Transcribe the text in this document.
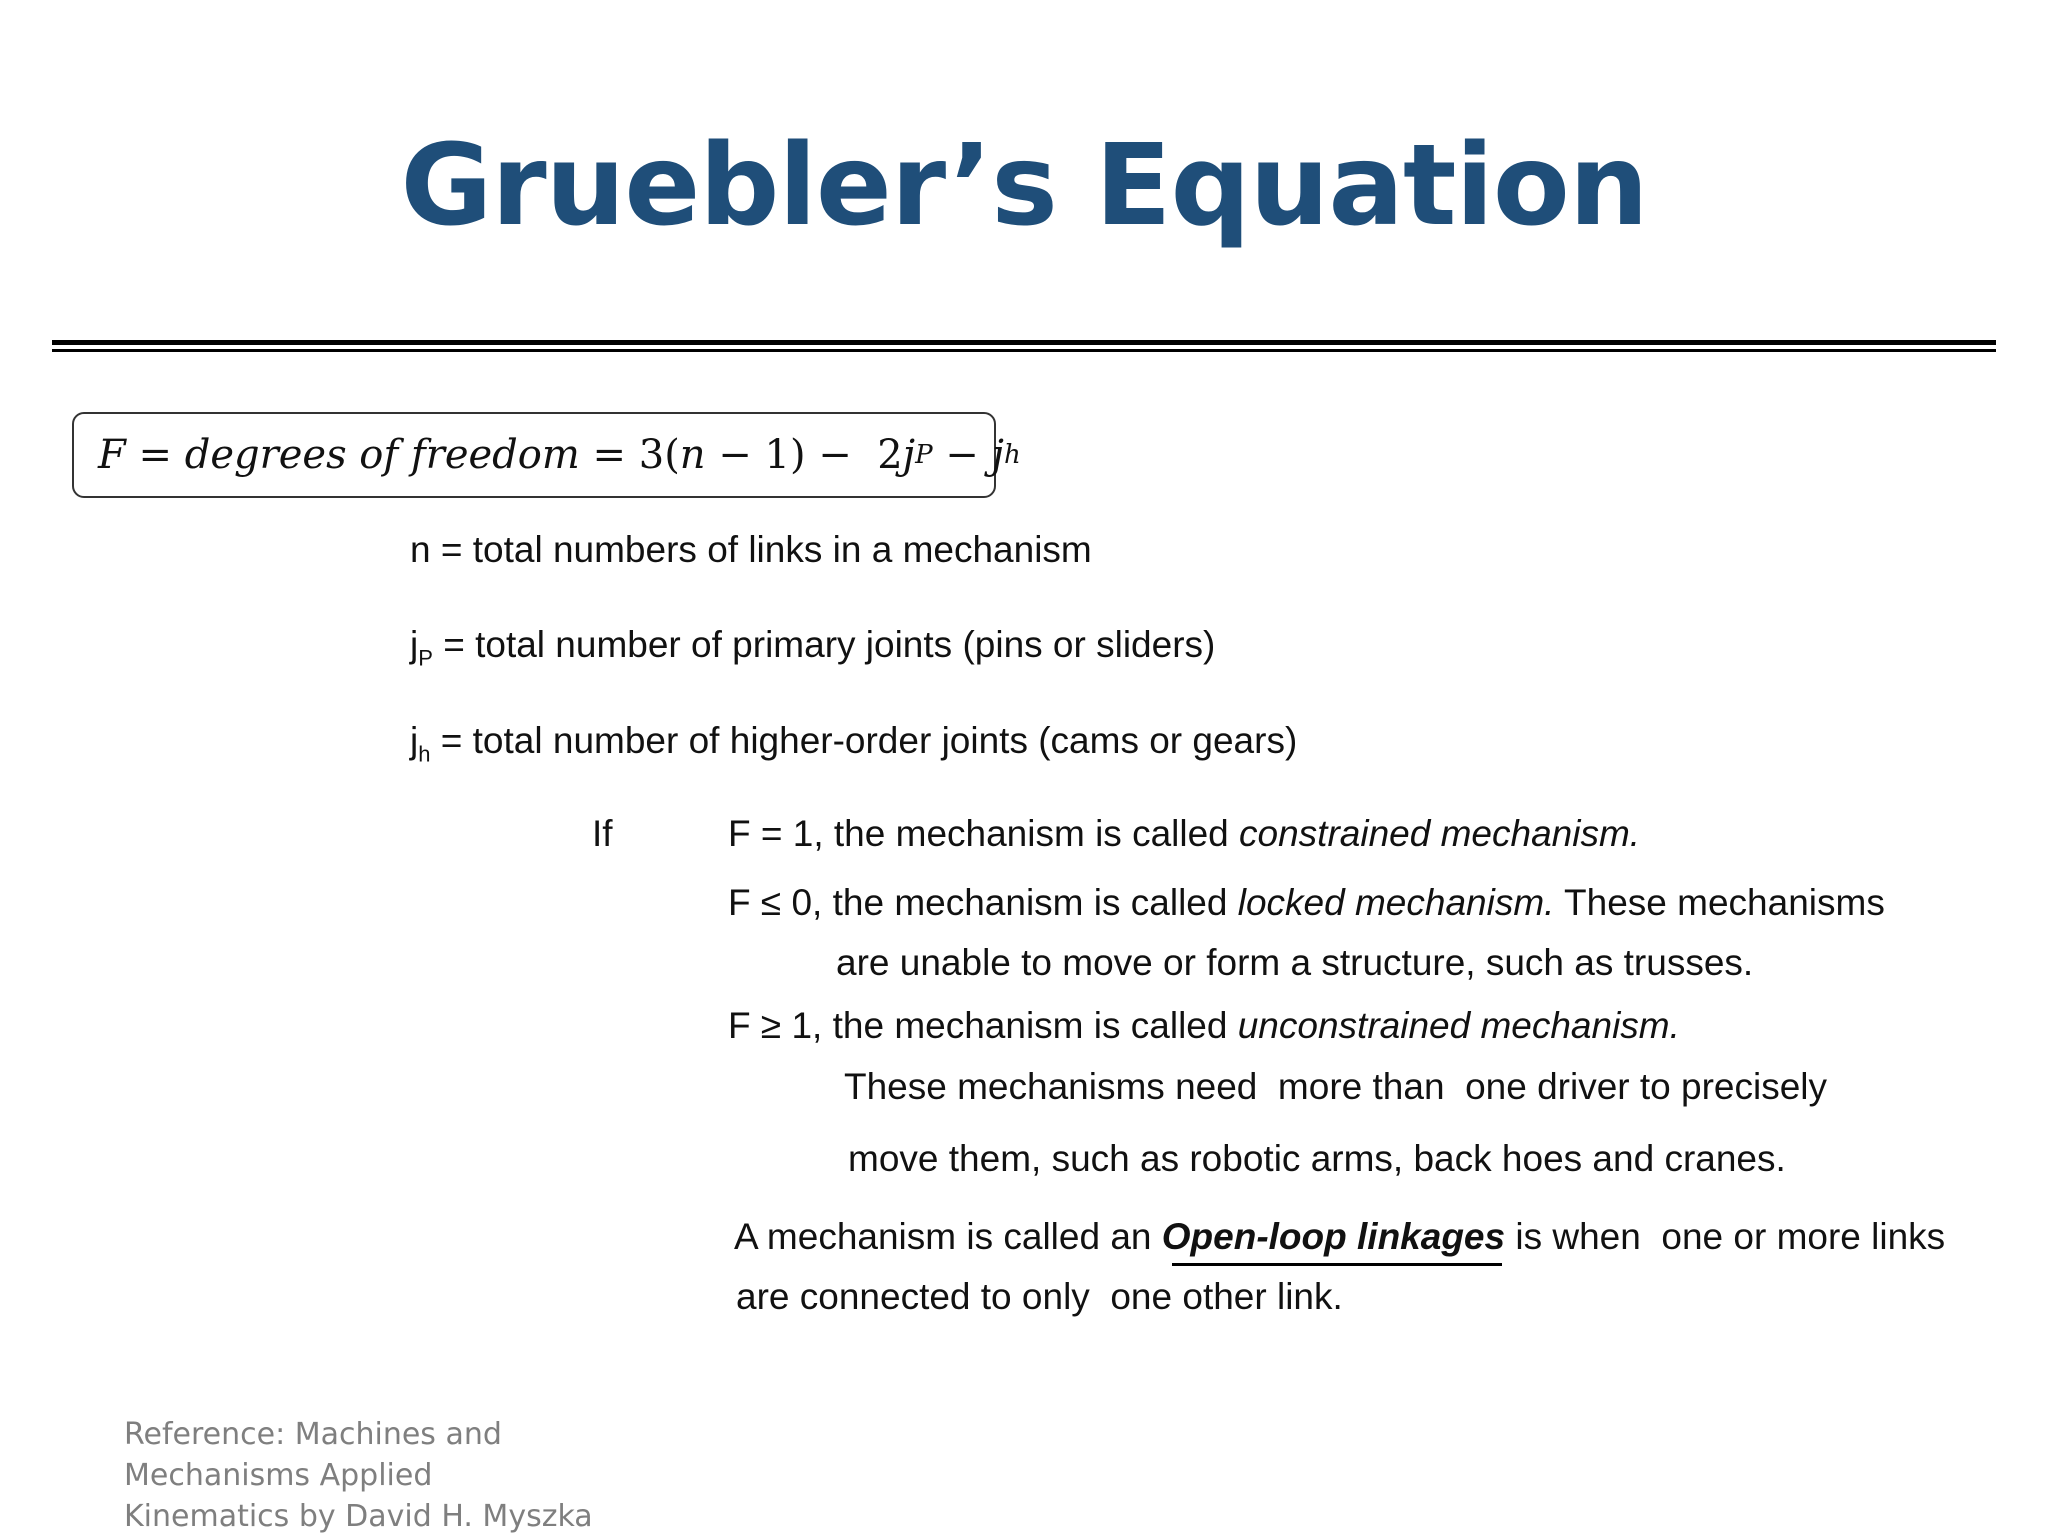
Gruebler’s Equation
F = degrees of freedom = 3( n − 1) −  2 j P − j h
n = total numbers of links in a mechanism
$j_P$ = total number of primary joints (pins or sliders)
$j_h$ = total number of higher-order joints (cams or gears)
If	F = 1, the mechanism is called constrained mechanism.
F ≤ 0, the mechanism is called locked mechanism. These mechanisms
are unable to move or form a structure, such as trusses.
F ≥ 1, the mechanism is called unconstrained mechanism.
These mechanisms need  more than  one driver to precisely
move them, such as robotic arms, back hoes and cranes.
A mechanism is called an Open-loop linkages is when  one or more links
are connected to only  one other link.
Reference: Machines and
Mechanisms Applied
Kinematics by David H. Myszka
